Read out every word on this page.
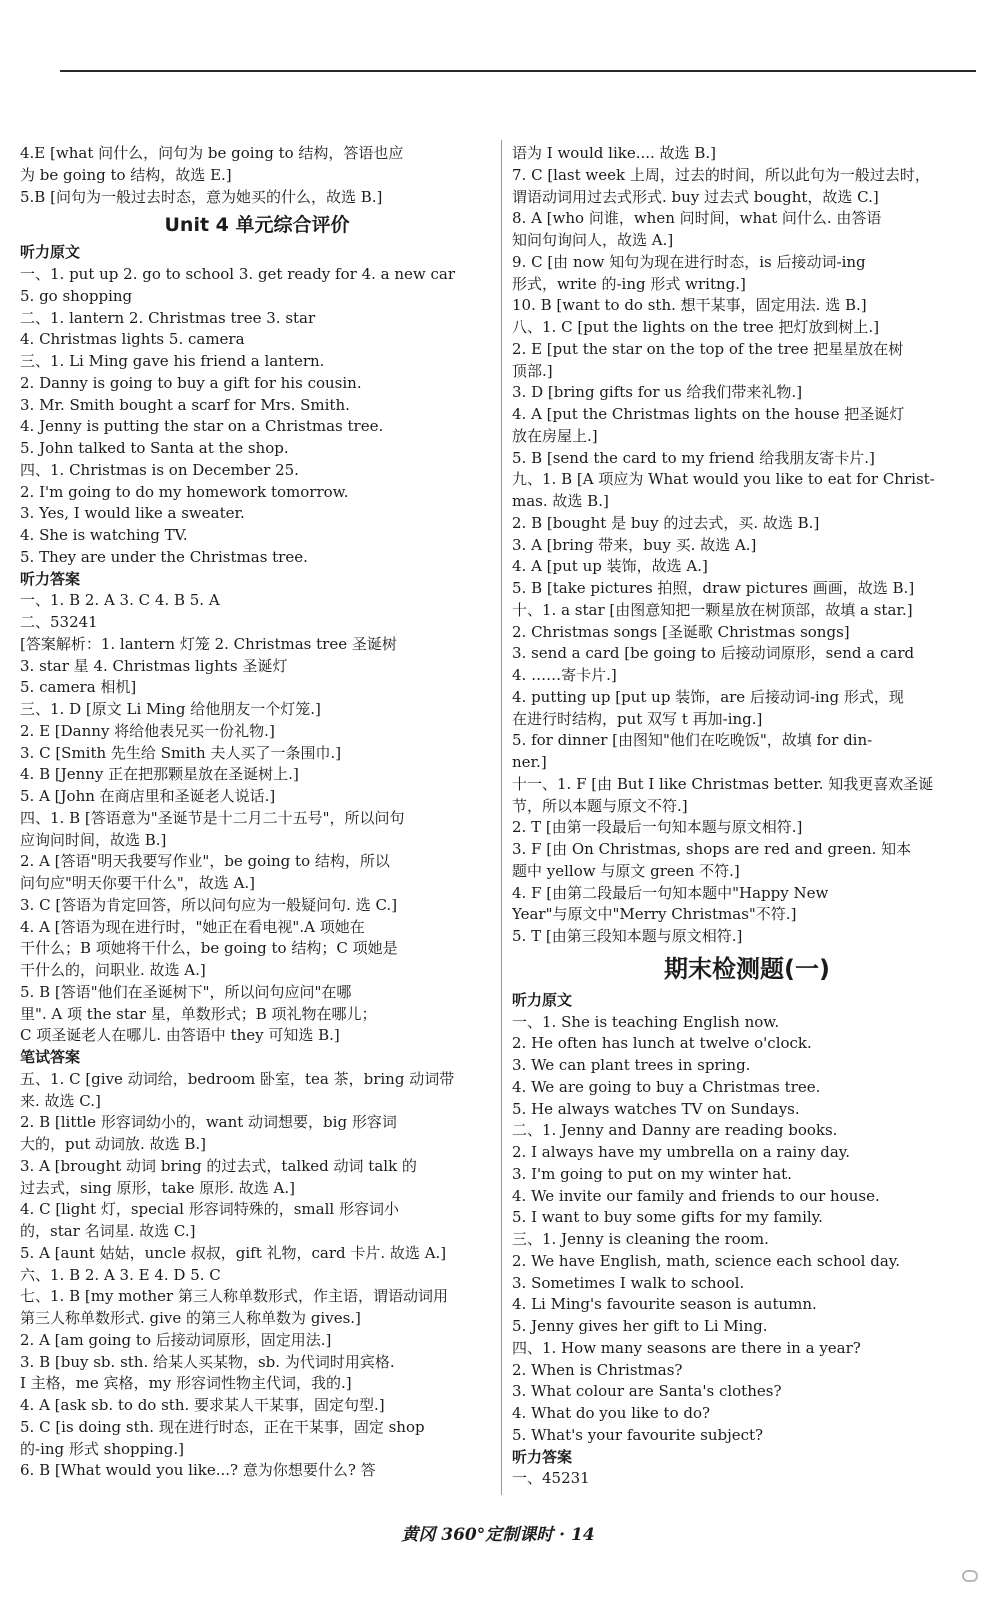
4.E [what 问什么，问句为 be going to 结构，答语也应
为 be going to 结构，故选 E.]
5.B [问句为一般过去时态，意为她买的什么，故选 B.]
Unit 4 单元综合评价
听力原文
一、1. put up 2. go to school 3. get ready for 4. a new car
5. go shopping
二、1. lantern 2. Christmas tree 3. star
4. Christmas lights 5. camera
三、1. Li Ming gave his friend a lantern.
2. Danny is going to buy a gift for his cousin.
3. Mr. Smith bought a scarf for Mrs. Smith.
4. Jenny is putting the star on a Christmas tree.
5. John talked to Santa at the shop.
四、1. Christmas is on December 25.
2. I'm going to do my homework tomorrow.
3. Yes, I would like a sweater.
4. She is watching TV.
5. They are under the Christmas tree.
听力答案
一、1. B 2. A 3. C 4. B 5. A
二、53241
[答案解析：1. lantern 灯笼 2. Christmas tree 圣诞树
3. star 星 4. Christmas lights 圣诞灯
5. camera 相机]
三、1. D [原文 Li Ming 给他朋友一个灯笼.]
2. E [Danny 将给他表兄买一份礼物.]
3. C [Smith 先生给 Smith 夫人买了一条围巾.]
4. B [Jenny 正在把那颗星放在圣诞树上.]
5. A [John 在商店里和圣诞老人说话.]
四、1. B [答语意为"圣诞节是十二月二十五号"，所以问句
应询问时间，故选 B.]
2. A [答语"明天我要写作业"，be going to 结构，所以
问句应"明天你要干什么"，故选 A.]
3. C [答语为肯定回答，所以问句应为一般疑问句. 选 C.]
4. A [答语为现在进行时，"她正在看电视".A 项她在
干什么；B 项她将干什么，be going to 结构；C 项她是
干什么的，问职业. 故选 A.]
5. B [答语"他们在圣诞树下"，所以问句应问"在哪
里". A 项 the star 星，单数形式；B 项礼物在哪儿；
C 项圣诞老人在哪儿. 由答语中 they 可知选 B.]
笔试答案
五、1. C [give 动词给，bedroom 卧室，tea 茶，bring 动词带
来. 故选 C.]
2. B [little 形容词幼小的，want 动词想要，big 形容词
大的，put 动词放. 故选 B.]
3. A [brought 动词 bring 的过去式，talked 动词 talk 的
过去式，sing 原形，take 原形. 故选 A.]
4. C [light 灯，special 形容词特殊的，small 形容词小
的，star 名词星. 故选 C.]
5. A [aunt 姑姑，uncle 叔叔，gift 礼物，card 卡片. 故选 A.]
六、1. B 2. A 3. E 4. D 5. C
七、1. B [my mother 第三人称单数形式，作主语，谓语动词用
第三人称单数形式. give 的第三人称单数为 gives.]
2. A [am going to 后接动词原形，固定用法.]
3. B [buy sb. sth. 给某人买某物，sb. 为代词时用宾格.
I 主格，me 宾格，my 形容词性物主代词，我的.]
4. A [ask sb. to do sth. 要求某人干某事，固定句型.]
5. C [is doing sth. 现在进行时态，正在干某事，固定 shop
的-ing 形式 shopping.]
6. B [What would you like...? 意为你想要什么? 答
语为 I would like.... 故选 B.]
7. C [last week 上周，过去的时间，所以此句为一般过去时，
谓语动词用过去式形式. buy 过去式 bought，故选 C.]
8. A [who 问谁，when 问时间，what 问什么. 由答语
知问句询问人，故选 A.]
9. C [由 now 知句为现在进行时态，is 后接动词-ing
形式，write 的-ing 形式 writng.]
10. B [want to do sth. 想干某事，固定用法. 选 B.]
八、1. C [put the lights on the tree 把灯放到树上.]
2. E [put the star on the top of the tree 把星星放在树
顶部.]
3. D [bring gifts for us 给我们带来礼物.]
4. A [put the Christmas lights on the house 把圣诞灯
放在房屋上.]
5. B [send the card to my friend 给我朋友寄卡片.]
九、1. B [A 项应为 What would you like to eat for Christ-
mas. 故选 B.]
2. B [bought 是 buy 的过去式，买. 故选 B.]
3. A [bring 带来，buy 买. 故选 A.]
4. A [put up 装饰，故选 A.]
5. B [take pictures 拍照，draw pictures 画画，故选 B.]
十、1. a star [由图意知把一颗星放在树顶部，故填 a star.]
2. Christmas songs [圣诞歌 Christmas songs]
3. send a card [be going to 后接动词原形，send a card
4. ……寄卡片.]
4. putting up [put up 装饰，are 后接动词-ing 形式，现
在进行时结构，put 双写 t 再加-ing.]
5. for dinner [由图知"他们在吃晚饭"，故填 for din-
ner.]
十一、1. F [由 But I like Christmas better. 知我更喜欢圣诞
节，所以本题与原文不符.]
2. T [由第一段最后一句知本题与原文相符.]
3. F [由 On Christmas, shops are red and green. 知本
题中 yellow 与原文 green 不符.]
4. F [由第二段最后一句知本题中"Happy New
Year"与原文中"Merry Christmas"不符.]
5. T [由第三段知本题与原文相符.]
期末检测题(一)
听力原文
一、1. She is teaching English now.
2. He often has lunch at twelve o'clock.
3. We can plant trees in spring.
4. We are going to buy a Christmas tree.
5. He always watches TV on Sundays.
二、1. Jenny and Danny are reading books.
2. I always have my umbrella on a rainy day.
3. I'm going to put on my winter hat.
4. We invite our family and friends to our house.
5. I want to buy some gifts for my family.
三、1. Jenny is cleaning the room.
2. We have English, math, science each school day.
3. Sometimes I walk to school.
4. Li Ming's favourite season is autumn.
5. Jenny gives her gift to Li Ming.
四、1. How many seasons are there in a year?
2. When is Christmas?
3. What colour are Santa's clothes?
4. What do you like to do?
5. What's your favourite subject?
听力答案
一、45231
黄冈 360°定制课时 · 14
